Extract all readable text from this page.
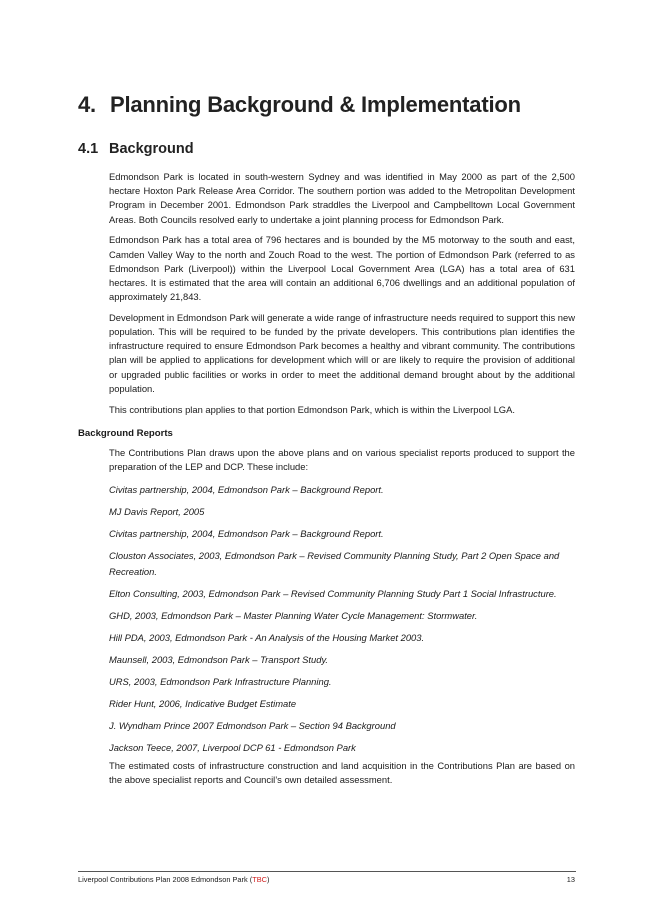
4. Planning Background & Implementation
4.1 Background

Edmondson Park is located in south-western Sydney and was identified in May 2000 as part of the 2,500 hectare Hoxton Park Release Area Corridor. The southern portion was added to the Metropolitan Development Program in December 2001. Edmondson Park straddles the Liverpool and Campbelltown Local Government Areas. Both Councils resolved early to undertake a joint planning process for Edmondson Park.

Edmondson Park has a total area of 796 hectares and is bounded by the M5 motorway to the south and east, Camden Valley Way to the north and Zouch Road to the west. The portion of Edmondson Park (referred to as Edmondson Park (Liverpool)) within the Liverpool Local Government Area (LGA) has a total area of 631 hectares. It is estimated that the area will contain an additional 6,706 dwellings and an additional population of approximately 21,843.

Development in Edmondson Park will generate a wide range of infrastructure needs required to support this new population. This will be required to be funded by the private developers. This contributions plan identifies the infrastructure required to ensure Edmondson Park becomes a healthy and vibrant community. The contributions plan will be applied to applications for development which will or are likely to require the provision of additional or upgraded public facilities or works in order to meet the additional demand brought about by the additional population.

This contributions plan applies to that portion Edmondson Park, which is within the Liverpool LGA.

Background Reports

The Contributions Plan draws upon the above plans and on various specialist reports produced to support the preparation of the LEP and DCP. These include:

Civitas partnership, 2004, Edmondson Park – Background Report.

MJ Davis Report, 2005

Civitas partnership, 2004, Edmondson Park – Background Report.

Clouston Associates, 2003, Edmondson Park – Revised Community Planning Study, Part 2 Open Space and Recreation.

Elton Consulting, 2003, Edmondson Park – Revised Community Planning Study Part 1 Social Infrastructure.

GHD, 2003, Edmondson Park – Master Planning Water Cycle Management: Stormwater.

Hill PDA, 2003, Edmondson Park - An Analysis of the Housing Market 2003.

Maunsell, 2003, Edmondson Park – Transport Study.

URS, 2003, Edmondson Park Infrastructure Planning.

Rider Hunt, 2006, Indicative Budget Estimate

J. Wyndham Prince 2007 Edmondson Park – Section 94 Background

Jackson Teece, 2007, Liverpool DCP 61 - Edmondson Park

The estimated costs of infrastructure construction and land acquisition in the Contributions Plan are based on the above specialist reports and Council’s own detailed assessment.

Liverpool Contributions Plan 2008 Edmondson Park (TBC)	13
